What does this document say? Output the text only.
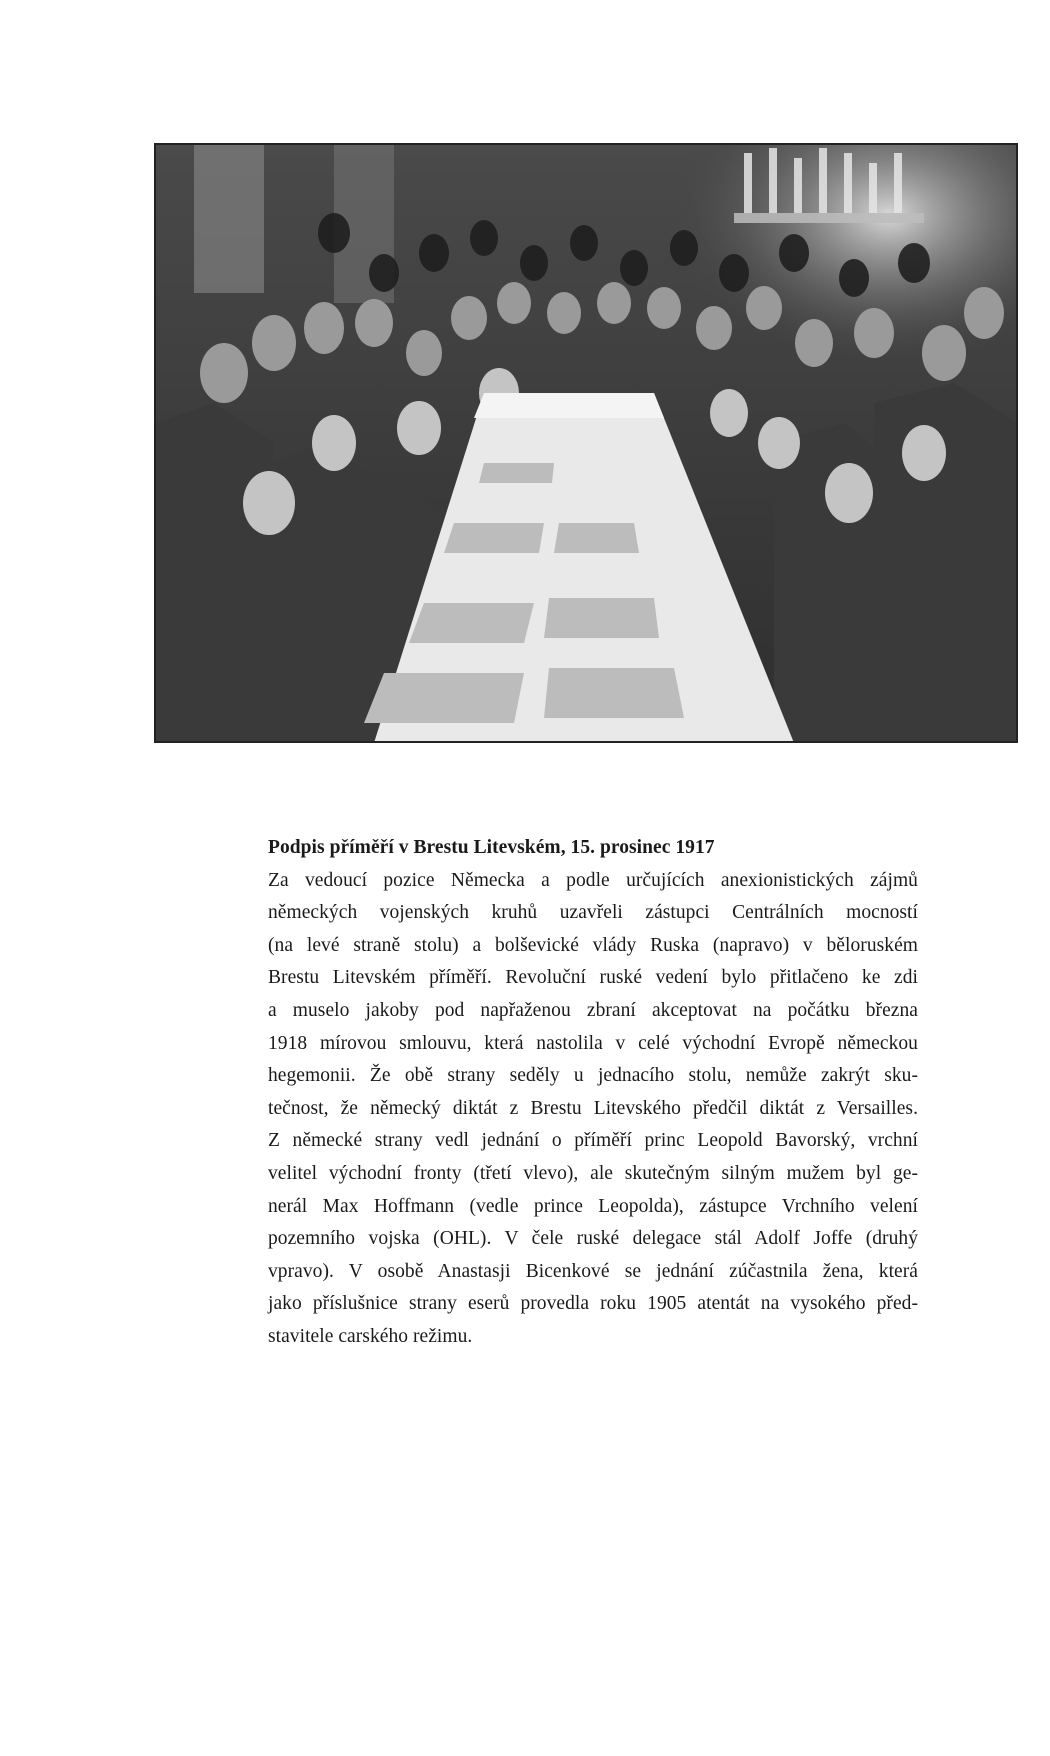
Podpis příměří v Brestu Litevském, 15. prosinec 1917
Za vedoucí pozice Německa a podle určujících anexionistických zájmů
německých vojenských kruhů uzavřeli zástupci Centrálních mocností
(na levé straně stolu) a bolševické vlády Ruska (napravo) v běloruském
Brestu Litevském příměří. Revoluční ruské vedení bylo přitlačeno ke zdi
a muselo jakoby pod napřaženou zbraní akceptovat na počátku března
1918 mírovou smlouvu, která nastolila v celé východní Evropě německou
hegemonii. Že obě strany seděly u jednacího stolu, nemůže zakrýt sku-
tečnost, že německý diktát z Brestu Litevského předčil diktát z Versailles.
Z německé strany vedl jednání o příměří princ Leopold Bavorský, vrchní
velitel východní fronty (třetí vlevo), ale skutečným silným mužem byl ge-
nerál Max Hoffmann (vedle prince Leopolda), zástupce Vrchního velení
pozemního vojska (OHL). V čele ruské delegace stál Adolf Joffe (druhý
vpravo). V osobě Anastasji Bicenkové se jednání zúčastnila žena, která
jako příslušnice strany eserů provedla roku 1905 atentát na vysokého před-
stavitele carského režimu.
